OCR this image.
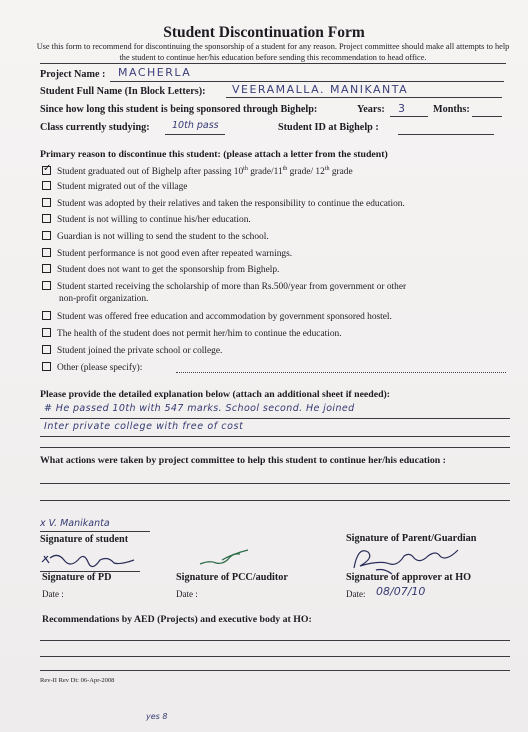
Student Discontinuation Form
Use this form to recommend for discontinuing the sponsorship of a student for any reason. Project committee should make all attempts to help the student to continue her/his education before sending this recommendation to head office.
Project Name : MACHERLA
Student Full Name (In Block Letters): VEERAMALLA. MANIKANTA
Since how long this student is being sponsored through Bighelp:	Years: 3	Months:
Class currently studying: 10th pass	Student ID at Bighelp :
Primary reason to discontinue this student: (please attach a letter from the student)
✓ Student graduated out of Bighelp after passing 10th grade/11th grade/ 12th grade
Student migrated out of the village
Student was adopted by their relatives and taken the responsibility to continue the education.
Student is not willing to continue his/her education.
Guardian is not willing to send the student to the school.
Student performance is not good even after repeated warnings.
Student does not want to get the sponsorship from Bighelp.
Student started receiving the scholarship of more than Rs.500/year from government or other
non-profit organization.
Student was offered free education and accommodation by government sponsored hostel.
The health of the student does not permit her/him to continue the education.
Student joined the private school or college.
Other (please specify):
Please provide the detailed explanation below (attach an additional sheet if needed):
# He passed 10th with 547 marks. School second. He joined
Inter private college with free of cost
What actions were taken by project committee to help this student to continue her/his education :
x V. Manikanta
Signature of student	Signature of Parent/Guardian
Signature of PD	Signature of PCC/auditor	Signature of approver at HO
Date :	Date :	Date: 08/07/10
Recommendations by AED (Projects) and executive body at HO:
Rev-II Rev Dt: 06-Apr-2008
yes 8
